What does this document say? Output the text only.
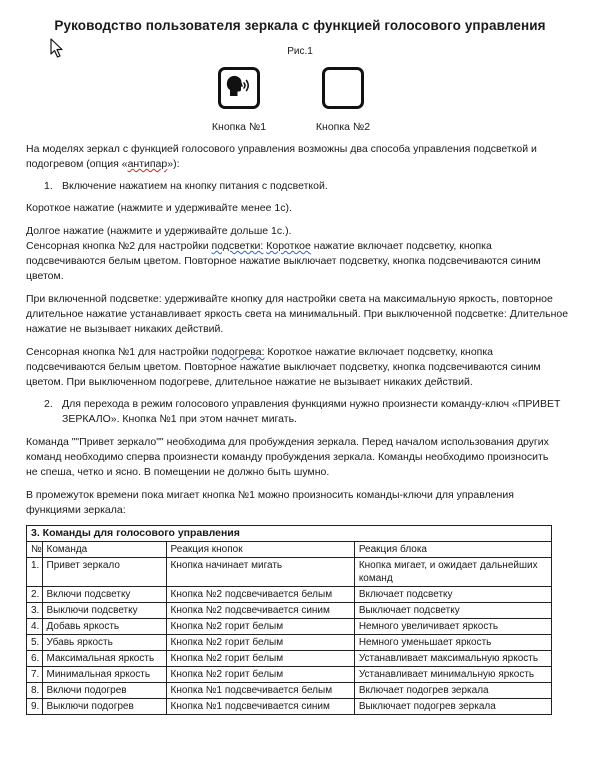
Руководство пользователя зеркала с функцией голосового управления
Рис.1
Кнопка №1	Кнопка №2
На моделях зеркал с функцией голосового управления возможны два способа управления подсветкой и
подогревом (опция «антипар»):
1. Включение нажатием на кнопку питания с подсветкой.
Короткое нажатие (нажмите и удерживайте менее 1с).
Долгое нажатие (нажмите и удерживайте дольше 1с.).
Сенсорная кнопка №2 для настройки подсветки: Короткое нажатие включает подсветку, кнопка
подсвечиваются белым цветом. Повторное нажатие выключает подсветку, кнопка подсвечиваются синим
цветом.
При включенной подсветке: удерживайте кнопку для настройки света на максимальную яркость, повторное
длительное нажатие устанавливает яркость света на минимальный. При выключенной подсветке: Длительное
нажатие не вызывает никаких действий.
Сенсорная кнопка №1 для настройки подогрева: Короткое нажатие включает подсветку, кнопка
подсвечиваются белым цветом. Повторное нажатие выключает подсветку, кнопка подсвечиваются синим
цветом. При выключенном подогреве, длительное нажатие не вызывает никаких действий.
2. Для перехода в режим голосового управления функциями нужно произнести команду-ключ «ПРИВЕТ
ЗЕРКАЛО». Кнопка №1 при этом начнет мигать.
Команда ""Привет зеркало"" необходима для пробуждения зеркала. Перед началом использования других
команд необходимо сперва произнести команду пробуждения зеркала. Команды необходимо произносить
не спеша, четко и ясно. В помещении не должно быть шумно.
В промежуток времени пока мигает кнопка №1 можно произносить команды-ключи для управления
функциями зеркала:
3. Команды для голосового управления			
№	Команда	Реакция кнопок	Реакция блока
1.	Привет зеркало	Кнопка начинает мигать	Кнопка мигает, и ожидает дальнейших команд
2.	Включи подсветку	Кнопка №2 подсвечивается белым	Включает подсветку
3.	Выключи подсветку	Кнопка №2 подсвечивается синим	Выключает подсветку
4.	Добавь яркость	Кнопка №2 горит белым	Немного увеличивает яркость
5.	Убавь яркость	Кнопка №2 горит белым	Немного уменьшает яркость
6.	Максимальная яркость	Кнопка №2 горит белым	Устанавливает максимальную яркость
7.	Минимальная яркость	Кнопка №2 горит белым	Устанавливает минимальную яркость
8.	Включи подогрев	Кнопка №1 подсвечивается белым	Включает подогрев зеркала
9.	Выключи подогрев	Кнопка №1 подсвечивается синим	Выключает подогрев зеркала
